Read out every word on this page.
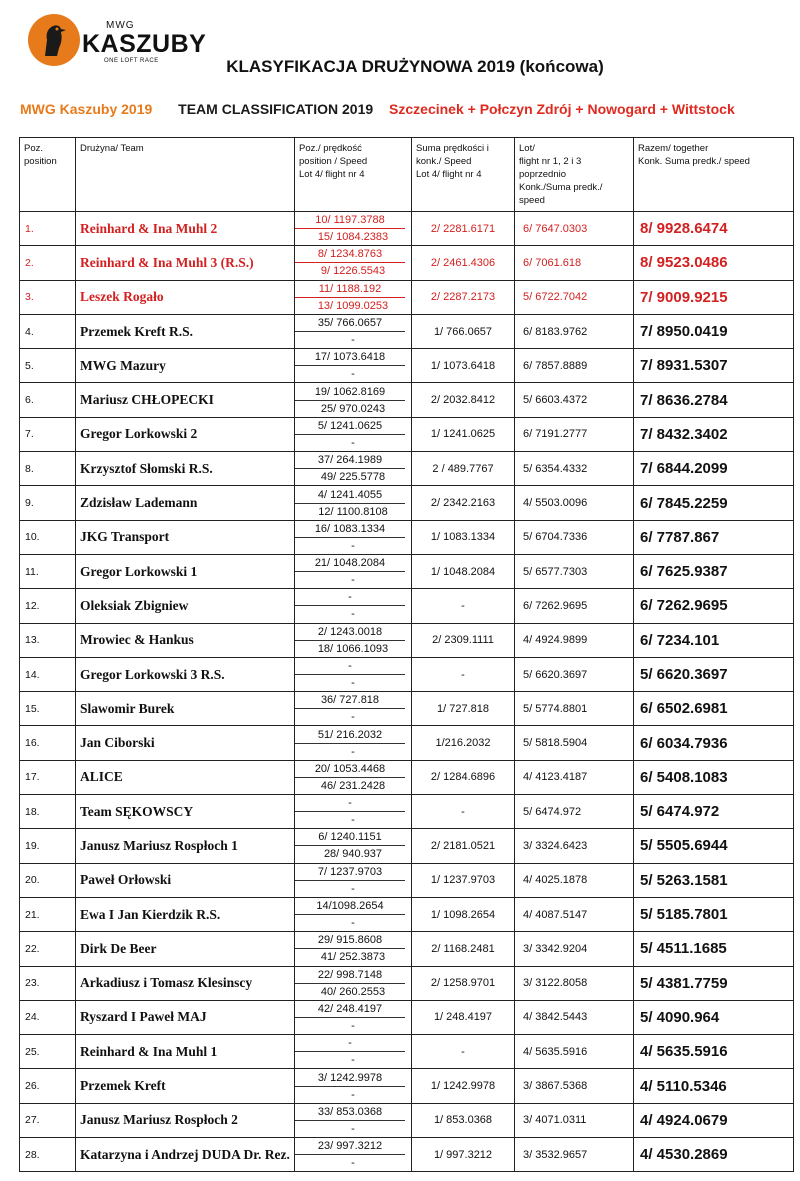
MWG
KASZUBY
ONE LOFT RACE	KLASYFIKACJA DRUŻYNOWA 2019 (końcowa)
MWG Kaszuby 2019 TEAM CLASSIFICATION 2019 Szczecinek + Połczyn Zdrój + Nowogard + Wittstock
Poz.
position	Drużyna/ Team	Poz./ prędkość
position / Speed
Lot 4/ flight nr 4	Suma prędkości i
konk./ Speed
Lot 4/ flight nr 4	Lot/
flight nr 1, 2 i 3
poprzednio
Konk./Suma predk./
speed	Razem/ together
Konk. Suma predk./ speed
1.	Reinhard & Ina Muhl 2	10/ 1197.3788
15/ 1084.2383	2/ 2281.6171	6/ 7647.0303	8/ 9928.6474
2.	Reinhard & Ina Muhl 3 (R.S.)	8/ 1234.8763
9/ 1226.5543	2/ 2461.4306	6/ 7061.618	8/ 9523.0486
3.	Leszek Rogało	11/ 1188.192
13/ 1099.0253	2/ 2287.2173	5/ 6722.7042	7/ 9009.9215
4.	Przemek Kreft R.S.	35/ 766.0657
-	1/ 766.0657	6/ 8183.9762	7/ 8950.0419
5.	MWG Mazury	17/ 1073.6418
-	1/ 1073.6418	6/ 7857.8889	7/ 8931.5307
6.	Mariusz CHŁOPECKI	19/ 1062.8169
25/ 970.0243	2/ 2032.8412	5/ 6603.4372	7/ 8636.2784
7.	Gregor Lorkowski 2	5/ 1241.0625
-	1/ 1241.0625	6/ 7191.2777	7/ 8432.3402
8.	Krzysztof Słomski R.S.	37/ 264.1989
49/ 225.5778	2 / 489.7767	5/ 6354.4332	7/ 6844.2099
9.	Zdzisław Lademann	4/ 1241.4055
12/ 1100.8108	2/ 2342.2163	4/ 5503.0096	6/ 7845.2259
10.	JKG Transport	16/ 1083.1334
-	1/ 1083.1334	5/ 6704.7336	6/ 7787.867
11.	Gregor Lorkowski 1	21/ 1048.2084
-	1/ 1048.2084	5/ 6577.7303	6/ 7625.9387
12.	Oleksiak Zbigniew	-
-	-	6/ 7262.9695	6/ 7262.9695
13.	Mrowiec & Hankus	2/ 1243.0018
18/ 1066.1093	2/ 2309.1111	4/ 4924.9899	6/ 7234.101
14.	Gregor Lorkowski 3 R.S.	-
-	-	5/ 6620.3697	5/ 6620.3697
15.	Slawomir Burek	36/ 727.818
-	1/ 727.818	5/ 5774.8801	6/ 6502.6981
16.	Jan Ciborski	51/ 216.2032
-	1/216.2032	5/ 5818.5904	6/ 6034.7936
17.	ALICE	20/ 1053.4468
46/ 231.2428	2/ 1284.6896	4/ 4123.4187	6/ 5408.1083
18.	Team SĘKOWSCY	-
-	-	5/ 6474.972	5/ 6474.972
19.	Janusz Mariusz Rospłoch 1	6/ 1240.1151
28/ 940.937	2/ 2181.0521	3/ 3324.6423	5/ 5505.6944
20.	Paweł Orłowski	7/ 1237.9703
-	1/ 1237.9703	4/ 4025.1878	5/ 5263.1581
21.	Ewa I Jan Kierdzik R.S.	14/1098.2654
-	1/ 1098.2654	4/ 4087.5147	5/ 5185.7801
22.	Dirk De Beer	29/ 915.8608
41/ 252.3873	2/ 1168.2481	3/ 3342.9204	5/ 4511.1685
23.	Arkadiusz i Tomasz Klesinscy	22/ 998.7148
40/ 260.2553	2/ 1258.9701	3/ 3122.8058	5/ 4381.7759
24.	Ryszard I Paweł MAJ	42/ 248.4197
-	1/ 248.4197	4/ 3842.5443	5/ 4090.964
25.	Reinhard & Ina Muhl 1	-
-	-	4/ 5635.5916	4/ 5635.5916
26.	Przemek Kreft	3/ 1242.9978
-	1/ 1242.9978	3/ 3867.5368	4/ 5110.5346
27.	Janusz Mariusz Rospłoch 2	33/ 853.0368
-	1/ 853.0368	3/ 4071.0311	4/ 4924.0679
28.	Katarzyna i Andrzej DUDA Dr. Rez.	23/ 997.3212
-	1/ 997.3212	3/ 3532.9657	4/ 4530.2869
